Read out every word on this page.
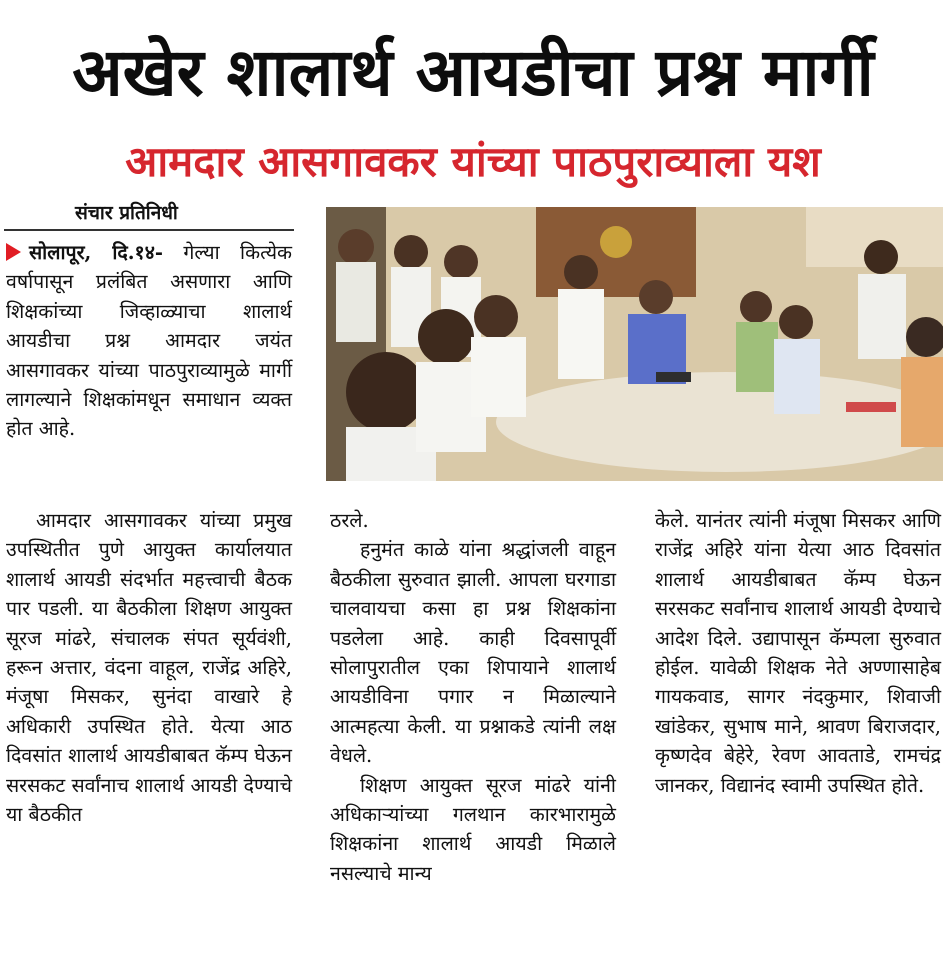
अखेर शालार्थ आयडीचा प्रश्न मार्गी
आमदार आसगावकर यांच्या पाठपुराव्याला यश
संचार प्रतिनिधी

सोलापूर, दि.१४- गेल्या कित्येक वर्षापासून प्रलंबित असणारा आणि शिक्षकांच्या जिव्हाळ्याचा शालार्थ आयडीचा प्रश्न आमदार जयंत आसगावकर यांच्या पाठपुराव्यामुळे मार्गी लागल्याने शिक्षकांमधून समाधान व्यक्त होत आहे.

आमदार आसगावकर यांच्या प्रमुख उपस्थितीत पुणे आयुक्त कार्यालयात शालार्थ आयडी संदर्भात महत्त्वाची बैठक पार पडली. या बैठकीला शिक्षण आयुक्त सूरज मांढरे, संचालक संपत सूर्यवंशी, हरून अत्तार, वंदना वाहूल, राजेंद्र अहिरे, मंजूषा मिसकर, सुनंदा वाखारे हे अधिकारी उपस्थित होते. येत्या आठ दिवसांत शालार्थ आयडीबाबत कॅम्प घेऊन सरसकट सर्वांनाच शालार्थ आयडी देण्याचे या बैठकीत

ठरले.

हनुमंत काळे यांना श्रद्धांजली वाहून बैठकीला सुरुवात झाली. आपला घरगाडा चालवायचा कसा हा प्रश्न शिक्षकांना पडलेला आहे. काही दिवसापूर्वी सोलापुरातील एका शिपायाने शालार्थ आयडीविना पगार न मिळाल्याने आत्महत्या केली. या प्रश्नाकडे त्यांनी लक्ष वेधले.

शिक्षण आयुक्त सूरज मांढरे यांनी अधिकाऱ्यांच्या गलथान कारभारामुळे शिक्षकांना शालार्थ आयडी मिळाले नसल्याचे मान्य

केले. यानंतर त्यांनी मंजूषा मिसकर आणि राजेंद्र अहिरे यांना येत्या आठ दिवसांत शालार्थ आयडीबाबत कॅम्प घेऊन सरसकट सर्वांनाच शालार्थ आयडी देण्याचे आदेश दिले. उद्यापासून कॅम्पला सुरुवात होईल. यावेळी शिक्षक नेते अण्णासाहेब गायकवाड, सागर नंदकुमार, शिवाजी खांडेकर, सुभाष माने, श्रावण बिराजदार, कृष्णदेव बेहेरे, रेवण आवताडे, रामचंद्र जानकर, विद्यानंद स्वामी उपस्थित होते.
